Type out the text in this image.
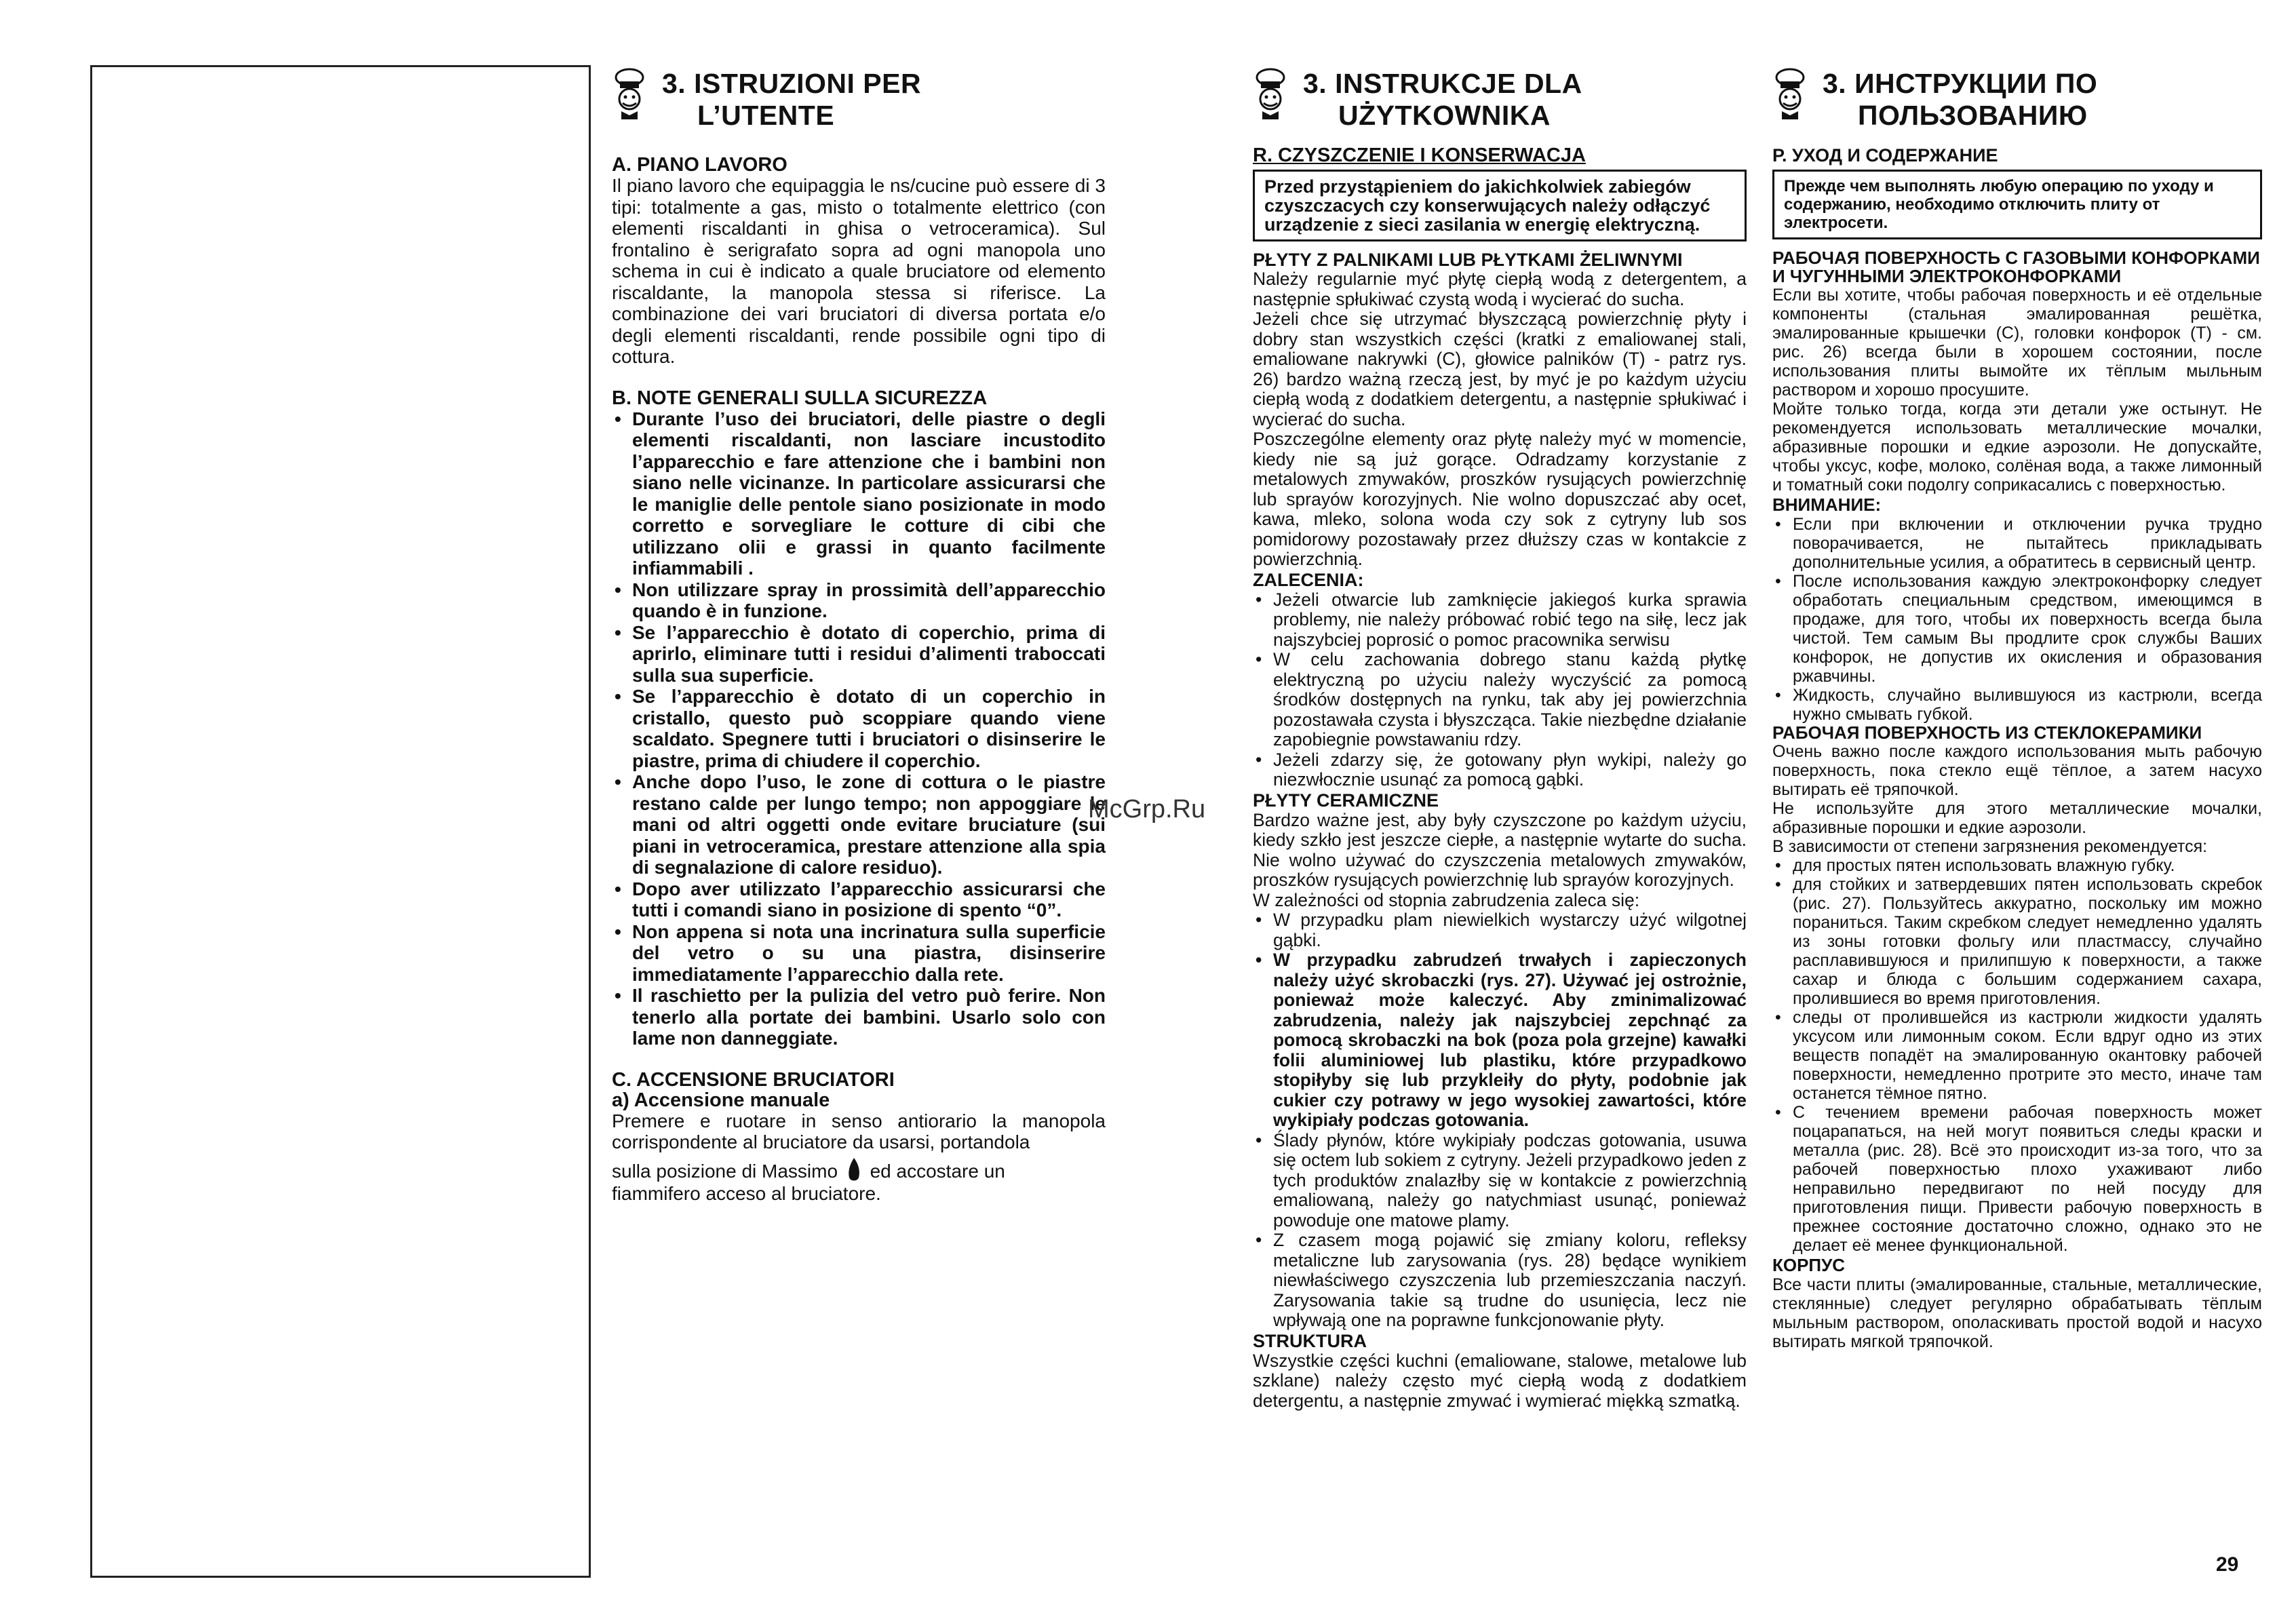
3. ISTRUZIONI PER

L’UTENTE
A. PIANO LAVORO

Il piano lavoro che equipaggia le ns/cucine può essere di 3 tipi: totalmente a gas, misto o totalmente elettrico (con elementi riscaldanti in ghisa o vetroceramica). Sul frontalino è serigrafato sopra ad ogni manopola uno schema in cui è indicato a quale bruciatore od elemento riscaldante, la manopola stessa si riferisce. La combinazione dei vari bruciatori di diversa portata e/o degli elementi riscaldanti, rende possibile ogni tipo di cottura.

B. NOTE GENERALI SULLA SICUREZZA
• Durante l’uso dei bruciatori, delle piastre o degli elementi riscaldanti, non lasciare incustodito l’apparecchio e fare attenzione che i bambini non siano nelle vicinanze. In particolare assicurarsi che le maniglie delle pentole siano posizionate in modo corretto e sorvegliare le cotture di cibi che utilizzano olii e grassi in quanto facilmente infiammabili .
• Non utilizzare spray in prossimità dell’apparecchio quando è in funzione.
• Se l’apparecchio è dotato di coperchio, prima di aprirlo, eliminare tutti i residui d’alimenti traboccati sulla sua superficie.
• Se l’apparecchio è dotato di un coperchio in cristallo, questo può scoppiare quando viene scaldato. Spegnere tutti i bruciatori o disinserire le piastre, prima di chiudere il coperchio.
• Anche dopo l’uso, le zone di cottura o le piastre restano calde per lungo tempo; non appoggiare le mani od altri oggetti onde evitare bruciature (sui piani in vetroceramica, prestare attenzione alla spia di segnalazione di calore residuo).
• Dopo aver utilizzato l’apparecchio assicurarsi che tutti i comandi siano in posizione di spento “0”.
• Non appena si nota una incrinatura sulla superficie del vetro o su una piastra, disinserire immediatamente l’apparecchio dalla rete.
• Il raschietto per la pulizia del vetro può ferire. Non tenerlo alla portate dei bambini. Usarlo solo con lame non danneggiate.
C. ACCENSIONE BRUCIATORI
a) Accensione manuale

Premere e ruotare in senso antiorario la manopola corrispondente al bruciatore da usarsi, portandola

sulla posizione di Massimo ed accostare un

fiammifero acceso al bruciatore.

3. INSTRUKCJE DLA

UŻYTKOWNIKA
R. CZYSZCZENIE I KONSERWACJA
Przed przystąpieniem do jakichkolwiek zabiegów czyszczacych czy konserwujących należy odłączyć urządzenie z sieci zasilania w energię elektryczną.
PŁYTY Z PALNIKAMI LUB PŁYTKAMI ŻELIWNYMI

Należy regularnie myć płytę ciepłą wodą z detergentem, a następnie spłukiwać czystą wodą i wycierać do sucha.

Jeżeli chce się utrzymać błyszczącą powierzchnię płyty i dobry stan wszystkich części (kratki z emaliowanej stali, emaliowane nakrywki (C), głowice palników (T) - patrz rys. 26) bardzo ważną rzeczą jest, by myć je po każdym użyciu ciepłą wodą z dodatkiem detergentu, a następnie spłukiwać i wycierać do sucha.

Poszczególne elementy oraz płytę należy myć w momencie, kiedy nie są już gorące. Odradzamy korzystanie z metalowych zmywaków, proszków rysujących powierzchnię lub sprayów korozyjnych. Nie wolno dopuszczać aby ocet, kawa, mleko, solona woda czy sok z cytryny lub sos pomidorowy pozostawały przez dłuższy czas w kontakcie z powierzchnią.

ZALECENIA:
• Jeżeli otwarcie lub zamknięcie jakiegoś kurka sprawia problemy, nie należy próbować robić tego na siłę, lecz jak najszybciej poprosić o pomoc pracownika serwisu
• W celu zachowania dobrego stanu każdą płytkę elektryczną po użyciu należy wyczyścić za pomocą środków dostępnych na rynku, tak aby jej powierzchnia pozostawała czysta i błyszcząca. Takie niezbędne działanie zapobiegnie powstawaniu rdzy.
• Jeżeli zdarzy się, że gotowany płyn wykipi, należy go niezwłocznie usunąć za pomocą gąbki.
PŁYTY CERAMICZNE

Bardzo ważne jest, aby były czyszczone po każdym użyciu, kiedy szkło jest jeszcze ciepłe, a następnie wytarte do sucha. Nie wolno używać do czyszczenia metalowych zmywaków, proszków rysujących powierzchnię lub sprayów korozyjnych.

W zależności od stopnia zabrudzenia zaleca się:

• W przypadku plam niewielkich wystarczy użyć wilgotnej gąbki.
• W przypadku zabrudzeń trwałych i zapieczonych należy użyć skrobaczki (rys. 27). Używać jej ostrożnie, ponieważ może kaleczyć. Aby zminimalizować zabrudzenia, należy jak najszybciej zepchnąć za pomocą skrobaczki na bok (poza pola grzejne) kawałki folii aluminiowej lub plastiku, które przypadkowo stopiłyby się lub przykleiły do płyty, podobnie jak cukier czy potrawy w jego wysokiej zawartości, które wykipiały podczas gotowania.
• Ślady płynów, które wykipiały podczas gotowania, usuwa się octem lub sokiem z cytryny. Jeżeli przypadkowo jeden z tych produktów znalazłby się w kontakcie z powierzchnią emaliowaną, należy go natychmiast usunąć, ponieważ powoduje one matowe plamy.
• Z czasem mogą pojawić się zmiany koloru, refleksy metaliczne lub zarysowania (rys. 28) będące wynikiem niewłaściwego czyszczenia lub przemieszczania naczyń. Zarysowania takie są trudne do usunięcia, lecz nie wpływają one na poprawne funkcjonowanie płyty.
STRUKTURA

Wszystkie części kuchni (emaliowane, stalowe, metalowe lub szklane) należy często myć ciepłą wodą z dodatkiem detergentu, a następnie zmywać i wymierać miękką szmatką.

3. ИНСТРУКЦИИ ПО

ПОЛЬЗОВАНИЮ
Р. УХОД И СОДЕРЖАНИЕ
Прежде чем выполнять любую операцию по уходу и содержанию, необходимо отключить плиту от электросети.
РАБОЧАЯ ПОВЕРХНОСТЬ С ГАЗОВЫМИ КОНФОРКАМИ И ЧУГУННЫМИ ЭЛЕКТРОКОНФОРКАМИ

Если вы хотите, чтобы рабочая поверхность и её отдельные компоненты (стальная эмалированная решётка, эмалированные крышечки (С), головки конфорок (Т) - см. рис. 26) всегда были в хорошем состоянии, после использования плиты вымойте их тёплым мыльным раствором и хорошо просушите.

Мойте только тогда, когда эти детали уже остынут. Не рекомендуется использовать металлические мочалки, абразивные порошки и едкие аэрозоли. Не допускайте, чтобы уксус, кофе, молоко, солёная вода, а также лимонный и томатный соки подолгу соприкасались с поверхностью.

ВНИМАНИЕ:
• Если при включении и отключении ручка трудно поворачивается, не пытайтесь прикладывать дополнительные усилия, а обратитесь в сервисный центр.
• После использования каждую электроконфорку следует обработать специальным средством, имеющимся в продаже, для того, чтобы их поверхность всегда была чистой. Тем самым Вы продлите срок службы Ваших конфорок, не допустив их окисления и образования ржавчины.
• Жидкость, случайно вылившуюся из кастрюли, всегда нужно смывать губкой.
РАБОЧАЯ ПОВЕРХНОСТЬ ИЗ СТЕКЛОКЕРАМИКИ

Очень важно после каждого использования мыть рабочую поверхность, пока стекло ещё тёплое, а затем насухо вытирать её тряпочкой.

Не используйте для этого металлические мочалки, абразивные порошки и едкие аэрозоли.

В зависимости от степени загрязнения рекомендуется:

• для простых пятен использовать влажную губку.
• для стойких и затвердевших пятен использовать скребок (рис. 27). Пользуйтесь аккуратно, поскольку им можно пораниться. Таким скребком следует немедленно удалять из зоны готовки фольгу или пластмассу, случайно расплавившуюся и прилипшую к поверхности, а также сахар и блюда с большим содержанием сахара, пролившиеся во время приготовления.
• следы от пролившейся из кастрюли жидкости удалять уксусом или лимонным соком. Если вдруг одно из этих веществ попадёт на эмалированную окантовку рабочей поверхности, немедленно протрите это место, иначе там останется тёмное пятно.
• С течением времени рабочая поверхность может поцарапаться, на ней могут появиться следы краски и металла (рис. 28). Всё это происходит из-за того, что за рабочей поверхностью плохо ухаживают либо неправильно передвигают по ней посуду для приготовления пищи. Привести рабочую поверхность в прежнее состояние достаточно сложно, однако это не делает её менее функциональной.
КОРПУС

Все части плиты (эмалированные, стальные, металлические, стеклянные) следует регулярно обрабатывать тёплым мыльным раствором, ополаскивать простой водой и насухо вытирать мягкой тряпочкой.

McGrp.Ru
29
